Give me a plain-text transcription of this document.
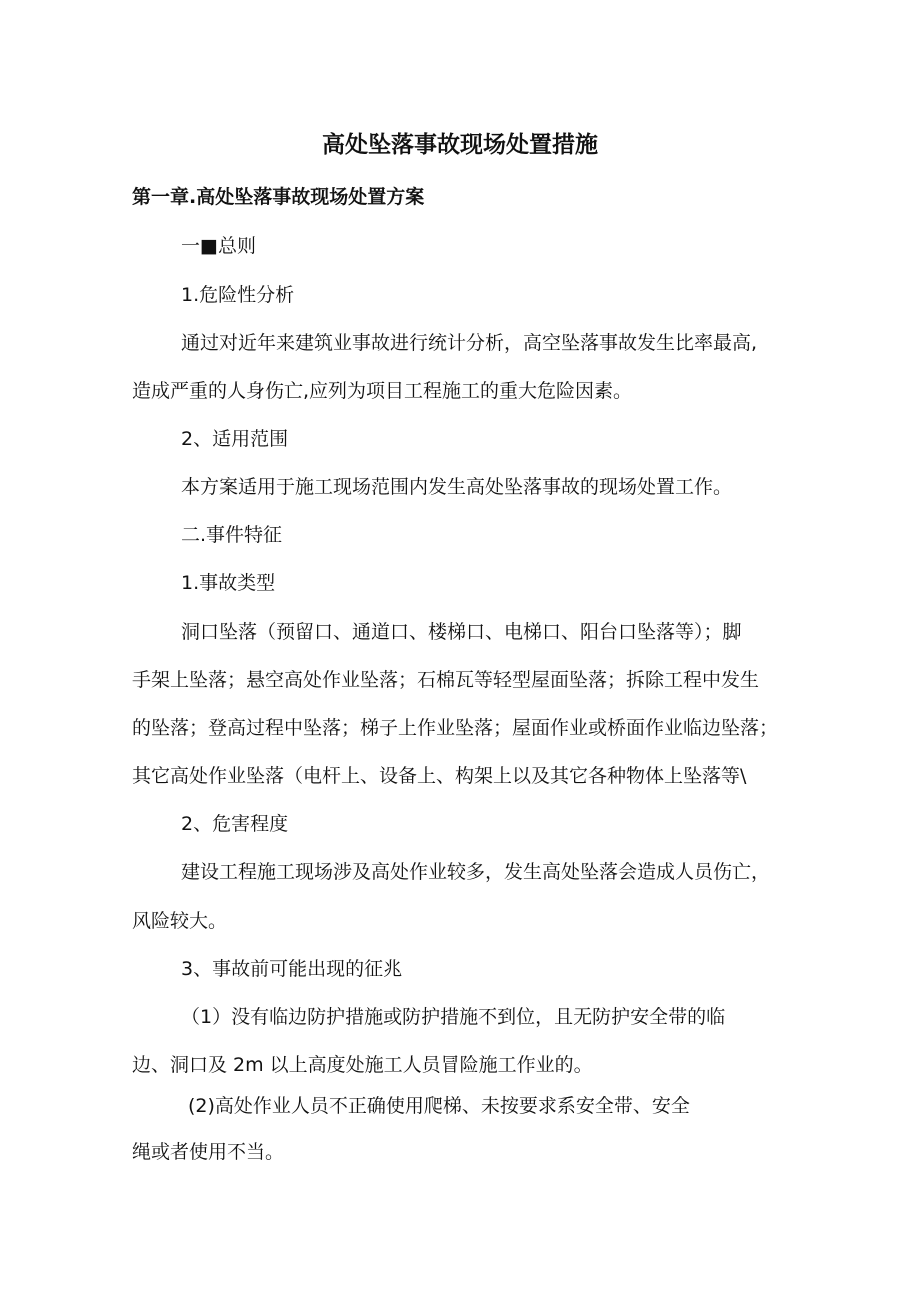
高处坠落事故现场处置措施
第一章.高处坠落事故现场处置方案

一■总则

1.危险性分析

通过对近年来建筑业事故进行统计分析，高空坠落事故发生比率最高,

造成严重的人身伤亡,应列为项目工程施工的重大危险因素。

2、适用范围

本方案适用于施工现场范围内发生高处坠落事故的现场处置工作。

二.事件特征

1.事故类型

洞口坠落（预留口、通道口、楼梯口、电梯口、阳台口坠落等）；脚

手架上坠落；悬空高处作业坠落；石棉瓦等轻型屋面坠落；拆除工程中发生

的坠落；登高过程中坠落；梯子上作业坠落；屋面作业或桥面作业临边坠落；

其它高处作业坠落（电杆上、设备上、构架上以及其它各种物体上坠落等\

2、危害程度

建设工程施工现场涉及高处作业较多，发生高处坠落会造成人员伤亡，

风险较大。

3、事故前可能出现的征兆

（1）没有临边防护措施或防护措施不到位，且无防护安全带的临

边、洞口及 2m 以上高度处施工人员冒险施工作业的。

(2)高处作业人员不正确使用爬梯、未按要求系安全带、安全

绳或者使用不当。
